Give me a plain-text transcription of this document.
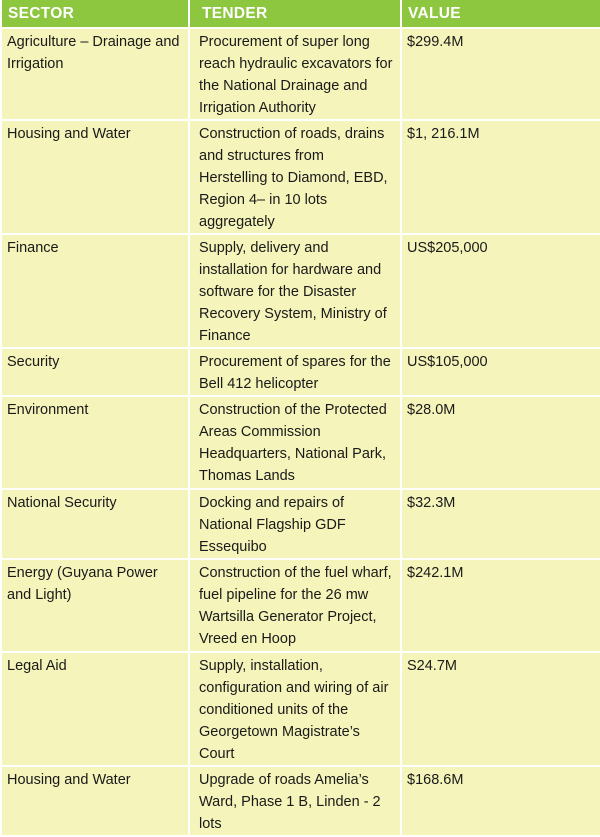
SECTOR	TENDER	VALUE
Agriculture – Drainage and Irrigation	Procurement of super long reach hydraulic excavators for the National Drainage and Irrigation Authority	$299.4M
Housing and Water	Construction of roads, drains and structures from Herstelling to Diamond, EBD, Region 4– in 10 lots aggregately	$1, 216.1M
Finance	Supply, delivery and installation for hardware and software for the Disaster Recovery System, Ministry of Finance	US$205,000
Security	Procurement of spares for the Bell 412 helicopter	US$105,000
Environment	Construction of the Protected Areas Commission Headquarters, National Park, Thomas Lands	$28.0M
National Security	Docking and repairs of National Flagship GDF Essequibo	$32.3M
Energy (Guyana Power and Light)	Construction of the fuel wharf, fuel pipeline for the 26 mw Wartsilla Generator Project, Vreed en Hoop	$242.1M
Legal Aid	Supply, installation, configuration and wiring of air conditioned units of the Georgetown Magistrate’s Court	S24.7M
Housing and Water	Upgrade of roads Amelia’s Ward, Phase 1 B, Linden - 2 lots	$168.6M
